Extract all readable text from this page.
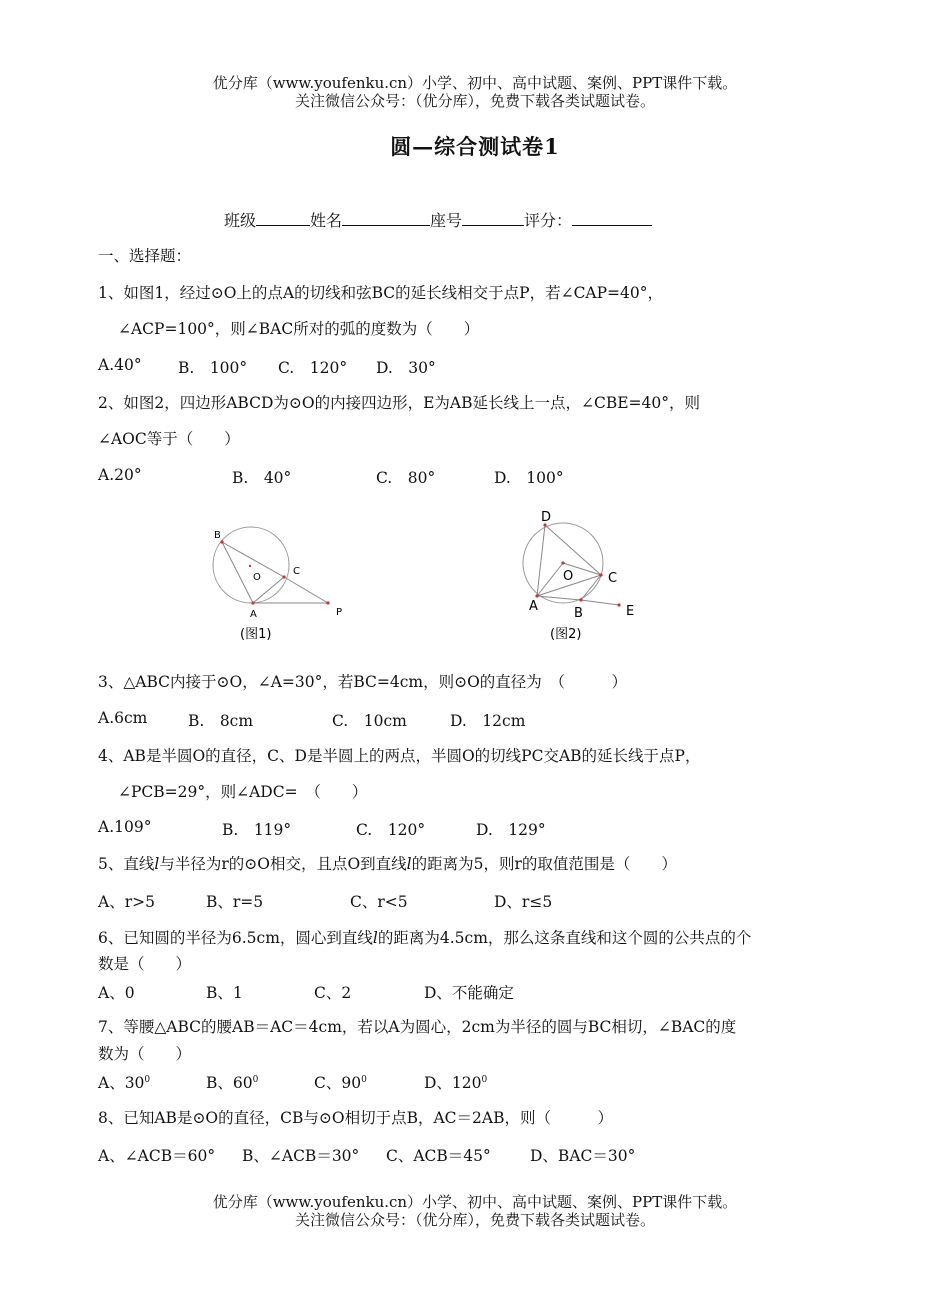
优分库（www.youfenku.cn）小学、初中、高中试题、案例、PPT课件下载。
关注微信公众号：（优分库），免费下载各类试题试卷。
圆—综合测试卷1
班级	姓名	座号	评分：
一、选择题：
1、如图1，经过⊙O上的点A的切线和弦BC的延长线相交于点P，若∠CAP=40°，
∠ACP=100°，则∠BAC所对的弧的度数为（　　）
A.40° B.　100° C.　120° D.　30°
2、如图2，四边形ABCD为⊙O的内接四边形，E为AB延长线上一点，∠CBE=40°，则
∠AOC等于（　　）
A.20°	B.　40°	C.　80°	D.　100°
B
O
C
A	P
(图1)
D
O	C
A	B	E
(图2)
3、△ABC内接于⊙O，∠A=30°，若BC=4cm，则⊙O的直径为　（　　　）
A.6cm	B.　8cm	C.　10cm	D.　12cm
4、AB是半圆O的直径，C、D是半圆上的两点，半圆O的切线PC交AB的延长线于点P，
∠PCB=29°，则∠ADC=　（　　）
A.109°	B.　119°	C.　120°	D.　129°
5、直线l与半径为r的⊙O相交，且点O到直线l的距离为5，则r的取值范围是（　　）
A、r>5	B、r=5	C、r<5	D、r≤5
6、已知圆的半径为6.5cm，圆心到直线l的距离为4.5cm，那么这条直线和这个圆的公共点的个
数是（　　）
A、0	B、1	C、2	D、不能确定
7、等腰△ABC的腰AB＝AC＝4cm，若以A为圆心，2cm为半径的圆与BC相切，∠BAC的度
数为（　　）
A、$30^0$	B、$60^0$	C、$90^0$	D、$120^0$
8、已知AB是⊙O的直径，CB与⊙O相切于点B，AC＝2AB，则（　　　）
A、∠ACB＝60° B、∠ACB＝30° C、ACB＝45°	D、BAC＝30°
优分库（www.youfenku.cn）小学、初中、高中试题、案例、PPT课件下载。
关注微信公众号：（优分库），免费下载各类试题试卷。
